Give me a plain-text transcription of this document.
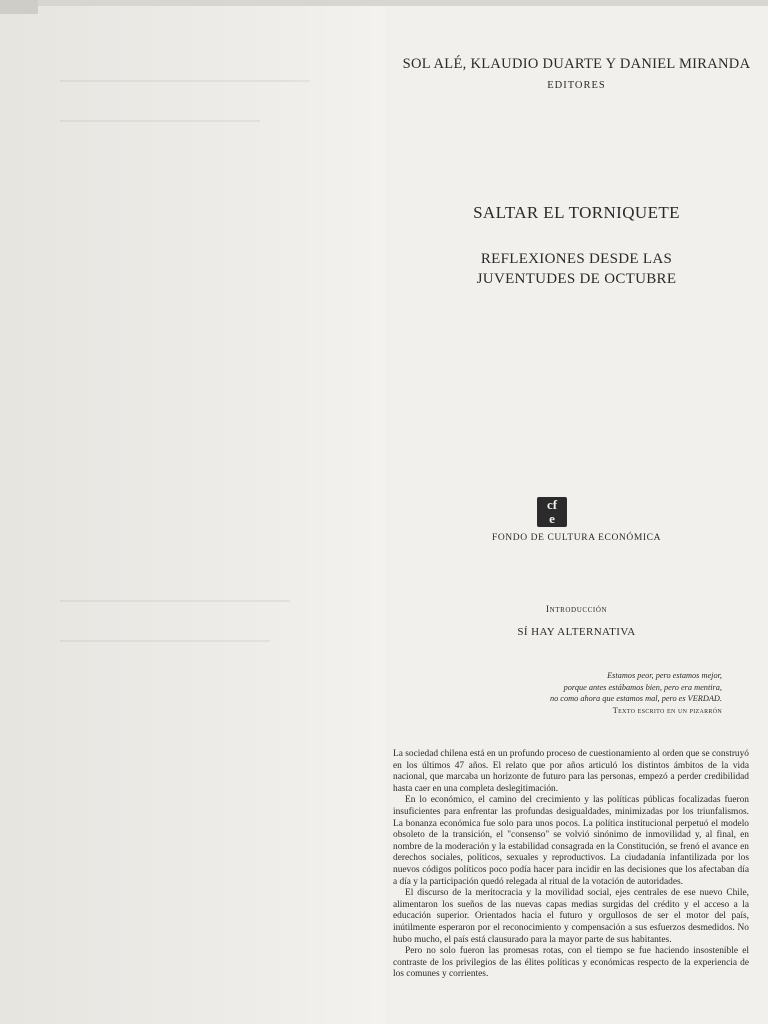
SOL ALÉ, KLAUDIO DUARTE Y DANIEL MIRANDA
EDITORES
SALTAR EL TORNIQUETE
REFLEXIONES DESDE LAS
JUVENTUDES DE OCTUBRE
cf
e
FONDO DE CULTURA ECONÓMICA
Introducción
SÍ HAY ALTERNATIVA
Estamos peor, pero estamos mejor,
porque antes estábamos bien, pero era mentira,
no como ahora que estamos mal, pero es VERDAD.
Texto escrito en un pizarrón

La sociedad chilena está en un profundo proceso de cuestionamiento al orden que se construyó en los últimos 47 años. El relato que por años articuló los distintos ámbitos de la vida nacional, que marcaba un horizonte de futuro para las personas, empezó a perder credibilidad hasta caer en una completa deslegitimación.

En lo económico, el camino del crecimiento y las políticas públicas focalizadas fueron insuficientes para enfrentar las profundas desigualdades, minimizadas por los triunfalismos. La bonanza económica fue solo para unos pocos. La política institucional perpetuó el modelo obsoleto de la transición, el "consenso" se volvió sinónimo de inmovilidad y, al final, en nombre de la moderación y la estabilidad consagrada en la Constitución, se frenó el avance en derechos sociales, políticos, sexuales y reproductivos. La ciudadanía infantilizada por los nuevos códigos políticos poco podía hacer para incidir en las decisiones que los afectaban día a día y la participación quedó relegada al ritual de la votación de autoridades.

El discurso de la meritocracia y la movilidad social, ejes centrales de ese nuevo Chile, alimentaron los sueños de las nuevas capas medias surgidas del crédito y el acceso a la educación superior. Orientados hacia el futuro y orgullosos de ser el motor del país, inútilmente esperaron por el reconocimiento y compensación a sus esfuerzos desmedidos. No hubo mucho, el país está clausurado para la mayor parte de sus habitantes.

Pero no solo fueron las promesas rotas, con el tiempo se fue haciendo insostenible el contraste de los privilegios de las élites políticas y económicas respecto de la experiencia de los comunes y corrientes.
